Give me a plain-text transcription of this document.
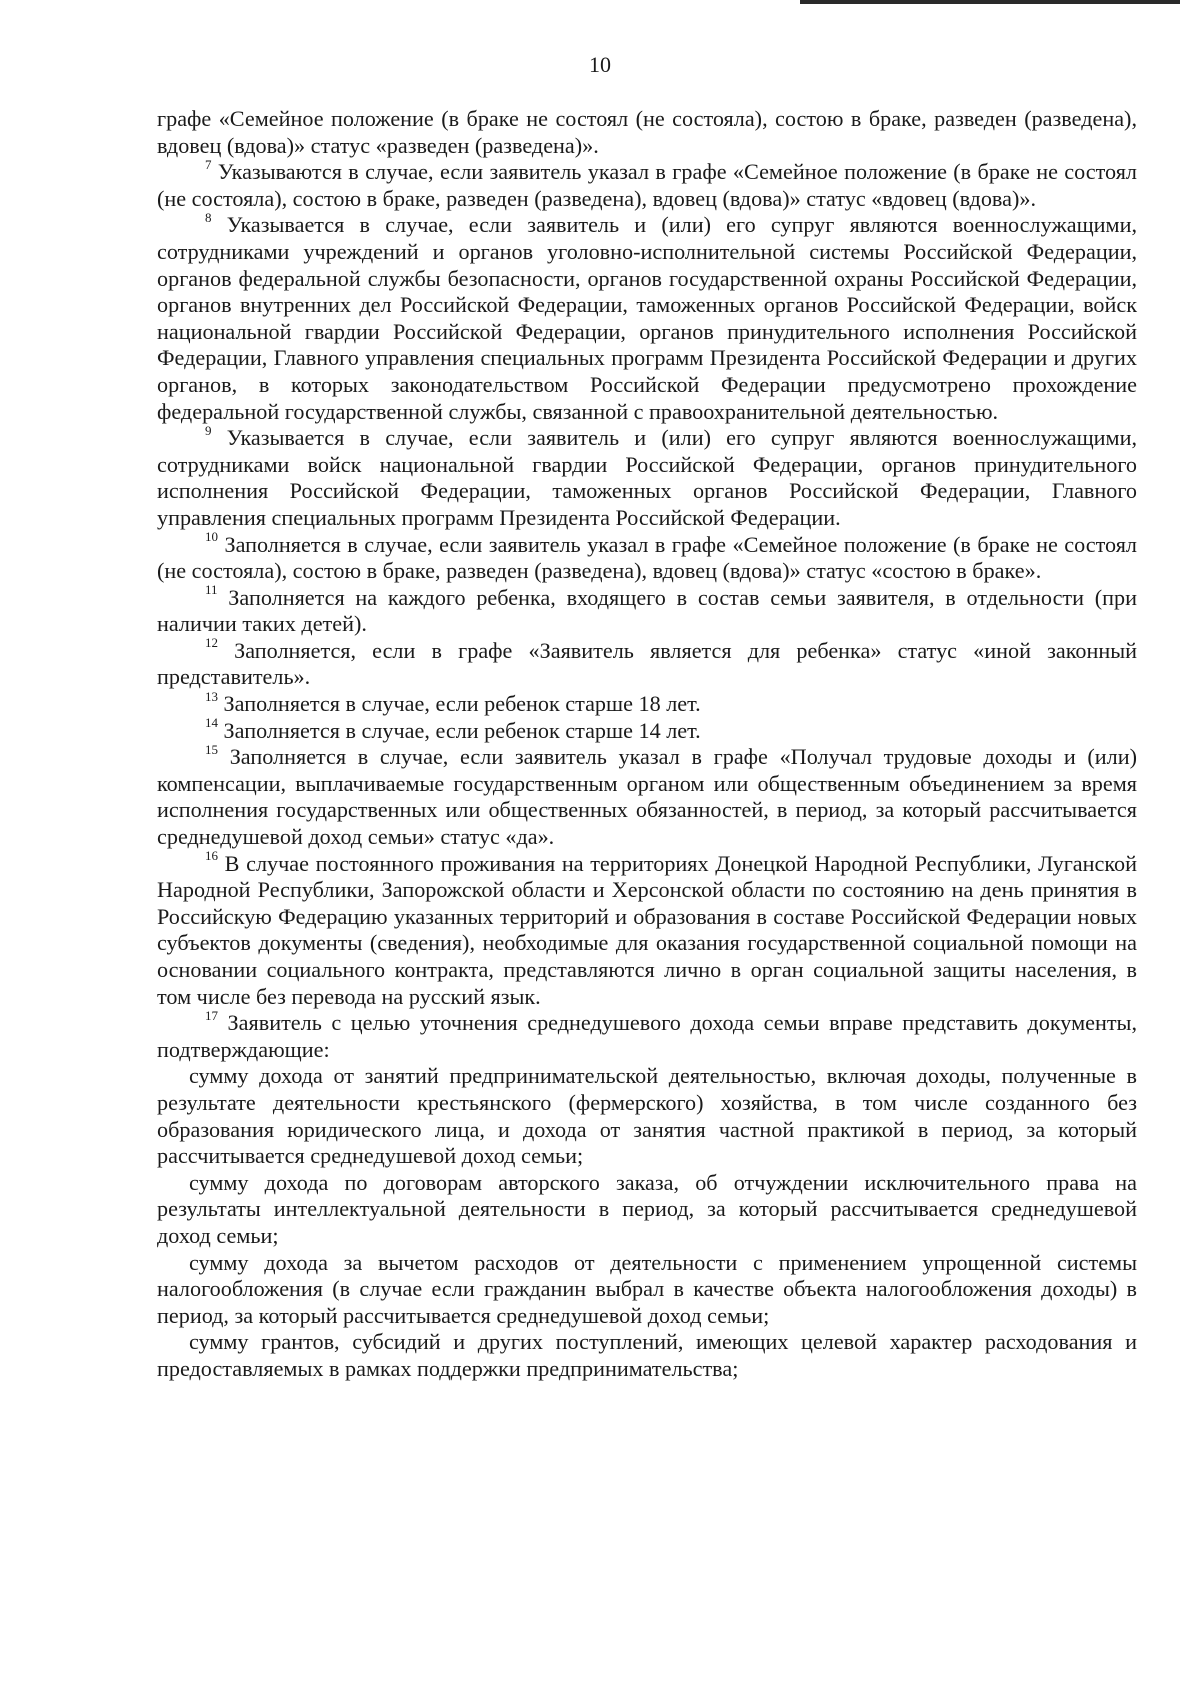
10

графе «Семейное положение (в браке не состоял (не состояла), состою в браке, разведен (разведена), вдовец (вдова)» статус «разведен (разведена)».

$^7$ Указываются в случае, если заявитель указал в графе «Семейное положение (в браке не состоял (не состояла), состою в браке, разведен (разведена), вдовец (вдова)» статус «вдовец (вдова)».

$^8$ Указывается в случае, если заявитель и (или) его супруг являются военнослужащими, сотрудниками учреждений и органов уголовно-исполнительной системы Российской Федерации, органов федеральной службы безопасности, органов государственной охраны Российской Федерации, органов внутренних дел Российской Федерации, таможенных органов Российской Федерации, войск национальной гвардии Российской Федерации, органов принудительного исполнения Российской Федерации, Главного управления специальных программ Президента Российской Федерации и других органов, в которых законодательством Российской Федерации предусмотрено прохождение федеральной государственной службы, связанной с правоохранительной деятельностью.

$^9$ Указывается в случае, если заявитель и (или) его супруг являются военнослужащими, сотрудниками войск национальной гвардии Российской Федерации, органов принудительного исполнения Российской Федерации, таможенных органов Российской Федерации, Главного управления специальных программ Президента Российской Федерации.

$^{10}$ Заполняется в случае, если заявитель указал в графе «Семейное положение (в браке не состоял (не состояла), состою в браке, разведен (разведена), вдовец (вдова)» статус «состою в браке».

$^{11}$ Заполняется на каждого ребенка, входящего в состав семьи заявителя, в отдельности (при наличии таких детей).

$^{12}$ Заполняется, если в графе «Заявитель является для ребенка» статус «иной законный представитель».

$^{13}$ Заполняется в случае, если ребенок старше 18 лет.

$^{14}$ Заполняется в случае, если ребенок старше 14 лет.

$^{15}$ Заполняется в случае, если заявитель указал в графе «Получал трудовые доходы и (или) компенсации, выплачиваемые государственным органом или общественным объединением за время исполнения государственных или общественных обязанностей, в период, за который рассчитывается среднедушевой доход семьи» статус «да».

$^{16}$ В случае постоянного проживания на территориях Донецкой Народной Республики, Луганской Народной Республики, Запорожской области и Херсонской области по состоянию на день принятия в Российскую Федерацию указанных территорий и образования в составе Российской Федерации новых субъектов документы (сведения), необходимые для оказания государственной социальной помощи на основании социального контракта, представляются лично в орган социальной защиты населения, в том числе без перевода на русский язык.

$^{17}$ Заявитель с целью уточнения среднедушевого дохода семьи вправе представить документы, подтверждающие:

сумму дохода от занятий предпринимательской деятельностью, включая доходы, полученные в результате деятельности крестьянского (фермерского) хозяйства, в том числе созданного без образования юридического лица, и дохода от занятия частной практикой в период, за который рассчитывается среднедушевой доход семьи;

сумму дохода по договорам авторского заказа, об отчуждении исключительного права на результаты интеллектуальной деятельности в период, за который рассчитывается среднедушевой доход семьи;

сумму дохода за вычетом расходов от деятельности с применением упрощенной системы налогообложения (в случае если гражданин выбрал в качестве объекта налогообложения доходы) в период, за который рассчитывается среднедушевой доход семьи;

сумму грантов, субсидий и других поступлений, имеющих целевой характер расходования и предоставляемых в рамках поддержки предпринимательства;
